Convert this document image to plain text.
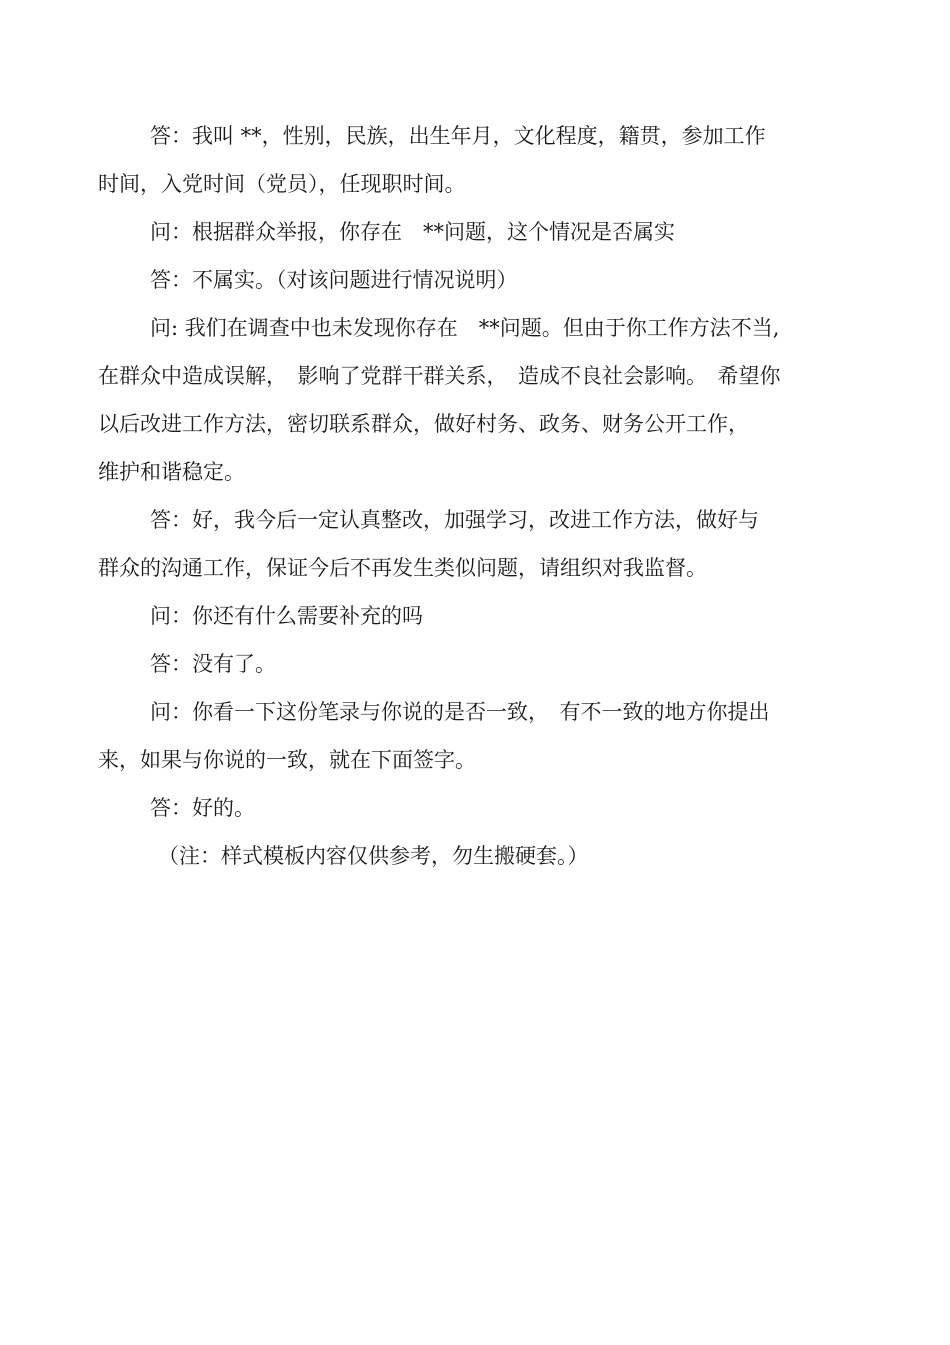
答：我叫 **，性别，民族，出生年月，文化程度，籍贯，参加工作
时间，入党时间（党员），任现职时间。
问：根据群众举报，你存在　**问题，这个情况是否属实
答：不属实。（对该问题进行情况说明）
问: 我们在调查中也未发现你存在　**问题。但由于你工作方法不当,
在群众中造成误解，　影响了党群干群关系，　造成不良社会影响。　希望你
以后改进工作方法，密切联系群众，做好村务、政务、财务公开工作，
维护和谐稳定。
答：好，我今后一定认真整改，加强学习，改进工作方法，做好与
群众的沟通工作，保证今后不再发生类似问题，请组织对我监督。
问：你还有什么需要补充的吗
答：没有了。
问：你看一下这份笔录与你说的是否一致，　有不一致的地方你提出
来，如果与你说的一致，就在下面签字。
答：好的。

（注：样式模板内容仅供参考，勿生搬硬套。）
